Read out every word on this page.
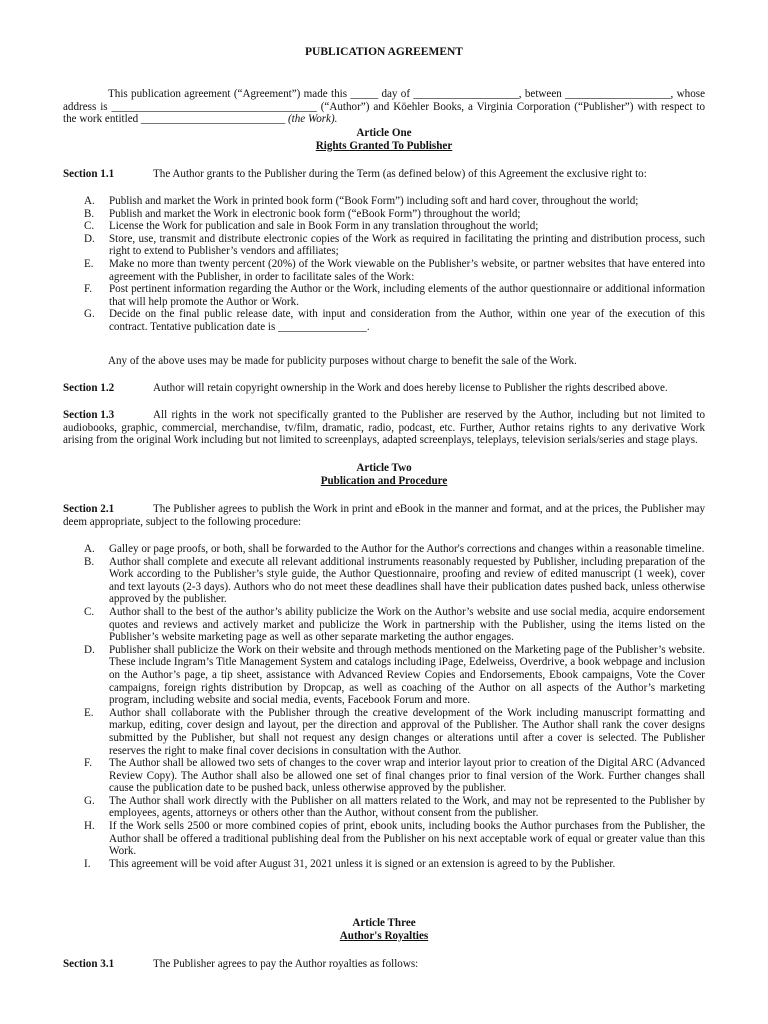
PUBLICATION AGREEMENT
This publication agreement (“Agreement”) made this _____ day of ___________________, between ___________________, whose address is _____________________________________ (“Author”) and Köehler Books, a Virginia Corporation (“Publisher”) with respect to the work entitled __________________________ (the Work).
Article One
Rights Granted To Publisher
Section 1.1	The Author grants to the Publisher during the Term (as defined below) of this Agreement the exclusive right to:
A. Publish and market the Work in printed book form (“Book Form”) including soft and hard cover, throughout the world;
B. Publish and market the Work in electronic book form (“eBook Form”) throughout the world;
C. License the Work for publication and sale in Book Form in any translation throughout the world;
D. Store, use, transmit and distribute electronic copies of the Work as required in facilitating the printing and distribution process, such right to extend to Publisher’s vendors and affiliates;
E. Make no more than twenty percent (20%) of the Work viewable on the Publisher’s website, or partner websites that have entered into agreement with the Publisher, in order to facilitate sales of the Work:
F. Post pertinent information regarding the Author or the Work, including elements of the author questionnaire or additional information that will help promote the Author or Work.
G. Decide on the final public release date, with input and consideration from the Author, within one year of the execution of this contract. Tentative publication date is ________________.
Any of the above uses may be made for publicity purposes without charge to benefit the sale of the Work.
Section 1.2	Author will retain copyright ownership in the Work and does hereby license to Publisher the rights described above.
Section 1.3	All rights in the work not specifically granted to the Publisher are reserved by the Author, including but not limited to audiobooks, graphic, commercial, merchandise, tv/film, dramatic, radio, podcast, etc. Further, Author retains rights to any derivative Work arising from the original Work including but not limited to screenplays, adapted screenplays, teleplays, television serials/series and stage plays.
Article Two
Publication and Procedure
Section 2.1	The Publisher agrees to publish the Work in print and eBook in the manner and format, and at the prices, the Publisher may deem appropriate, subject to the following procedure:
A. Galley or page proofs, or both, shall be forwarded to the Author for the Author's corrections and changes within a reasonable timeline.
B. Author shall complete and execute all relevant additional instruments reasonably requested by Publisher, including preparation of the Work according to the Publisher’s style guide, the Author Questionnaire, proofing and review of edited manuscript (1 week), cover and text layouts (2-3 days). Authors who do not meet these deadlines shall have their publication dates pushed back, unless otherwise approved by the publisher.
C. Author shall to the best of the author’s ability publicize the Work on the Author’s website and use social media, acquire endorsement quotes and reviews and actively market and publicize the Work in partnership with the Publisher, using the items listed on the Publisher’s website marketing page as well as other separate marketing the author engages.
D. Publisher shall publicize the Work on their website and through methods mentioned on the Marketing page of the Publisher’s website. These include Ingram’s Title Management System and catalogs including iPage, Edelweiss, Overdrive, a book webpage and inclusion on the Author’s page, a tip sheet, assistance with Advanced Review Copies and Endorsements, Ebook campaigns, Vote the Cover campaigns, foreign rights distribution by Dropcap, as well as coaching of the Author on all aspects of the Author’s marketing program, including website and social media, events, Facebook Forum and more.
E. Author shall collaborate with the Publisher through the creative development of the Work including manuscript formatting and markup, editing, cover design and layout, per the direction and approval of the Publisher. The Author shall rank the cover designs submitted by the Publisher, but shall not request any design changes or alterations until after a cover is selected. The Publisher reserves the right to make final cover decisions in consultation with the Author.
F. The Author shall be allowed two sets of changes to the cover wrap and interior layout prior to creation of the Digital ARC (Advanced Review Copy). The Author shall also be allowed one set of final changes prior to final version of the Work. Further changes shall cause the publication date to be pushed back, unless otherwise approved by the publisher.
G. The Author shall work directly with the Publisher on all matters related to the Work, and may not be represented to the Publisher by employees, agents, attorneys or others other than the Author, without consent from the publisher.
H. If the Work sells 2500 or more combined copies of print, ebook units, including books the Author purchases from the Publisher, the Author shall be offered a traditional publishing deal from the Publisher on his next acceptable work of equal or greater value than this Work.
I. This agreement will be void after August 31, 2021 unless it is signed or an extension is agreed to by the Publisher.
Article Three
Author's Royalties
Section 3.1	The Publisher agrees to pay the Author royalties as follows:
